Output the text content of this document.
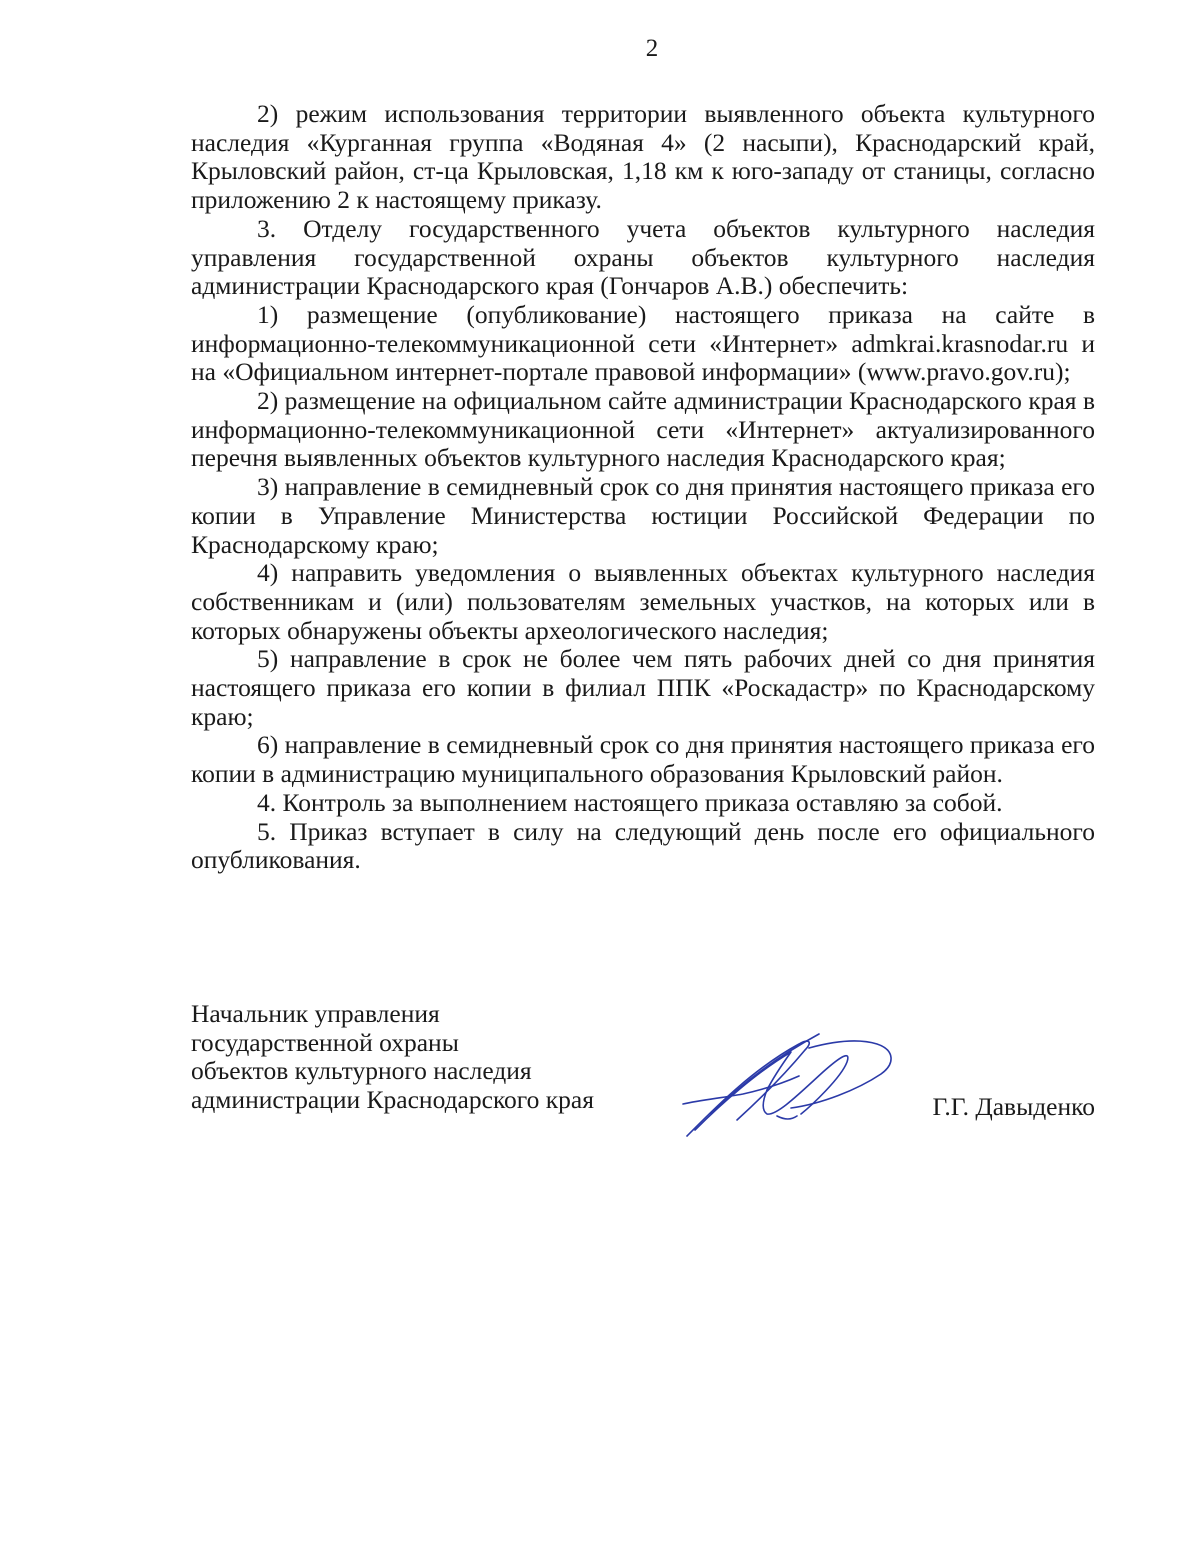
2

2) режим использования территории выявленного объекта культурного наследия «Курганная группа «Водяная 4» (2 насыпи), Краснодарский край, Крыловский район, ст-ца Крыловская, 1,18 км к юго-западу от станицы, согласно приложению 2 к настоящему приказу.

3. Отделу государственного учета объектов культурного наследия управления государственной охраны объектов культурного наследия администрации Краснодарского края (Гончаров А.В.) обеспечить:

1) размещение (опубликование) настоящего приказа на сайте в информационно-телекоммуникационной сети «Интернет» admkrai.krasnodar.ru и на «Официальном интернет-портале правовой информации» (www.pravo.gov.ru);

2) размещение на официальном сайте администрации Краснодарского края в информационно-телекоммуникационной сети «Интернет» актуализированного перечня выявленных объектов культурного наследия Краснодарского края;

3) направление в семидневный срок со дня принятия настоящего приказа его копии в Управление Министерства юстиции Российской Федерации по Краснодарскому краю;

4) направить уведомления о выявленных объектах культурного наследия собственникам и (или) пользователям земельных участков, на которых или в которых обнаружены объекты археологического наследия;

5) направление в срок не более чем пять рабочих дней со дня принятия настоящего приказа его копии в филиал ППК «Роскадастр» по Краснодарскому краю;

6) направление в семидневный срок со дня принятия настоящего приказа его копии в администрацию муниципального образования Крыловский район.

4. Контроль за выполнением настоящего приказа оставляю за собой.

5. Приказ вступает в силу на следующий день после его официального опубликования.

Начальник управления
государственной охраны
объектов культурного наследия
администрации Краснодарского края	Г.Г. Давыденко
